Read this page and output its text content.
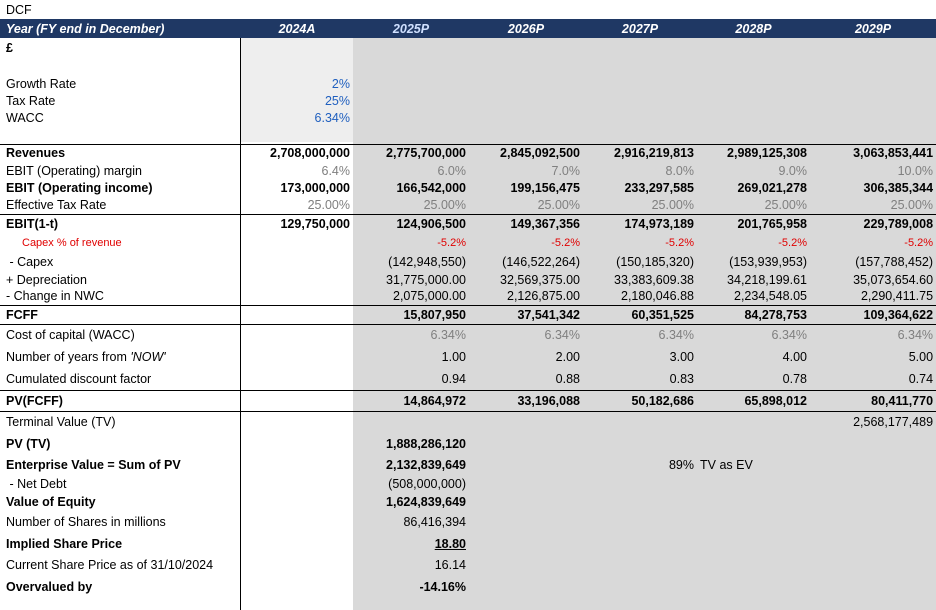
DCF						
Year (FY end in December)	2024A	2025P	2026P	2027P	2028P	2029P
£						

Growth Rate	2%					
Tax Rate	25%					
WACC	6.34%					

Revenues	2,708,000,000	2,775,700,000	2,845,092,500	2,916,219,813	2,989,125,308	3,063,853,441
EBIT (Operating) margin	6.4%	6.0%	7.0%	8.0%	9.0%	10.0%
EBIT (Operating income)	173,000,000	166,542,000	199,156,475	233,297,585	269,021,278	306,385,344
Effective Tax Rate	25.00%	25.00%	25.00%	25.00%	25.00%	25.00%
EBIT(1-t)	129,750,000	124,906,500	149,367,356	174,973,189	201,765,958	229,789,008
Capex % of revenue		-5.2%	-5.2%	-5.2%	-5.2%	-5.2%
- Capex		(142,948,550)	(146,522,264)	(150,185,320)	(153,939,953)	(157,788,452)
+ Depreciation		31,775,000.00	32,569,375.00	33,383,609.38	34,218,199.61	35,073,654.60
- Change in NWC		2,075,000.00	2,126,875.00	2,180,046.88	2,234,548.05	2,290,411.75
FCFF		15,807,950	37,541,342	60,351,525	84,278,753	109,364,622
Cost of capital (WACC)		6.34%	6.34%	6.34%	6.34%	6.34%
Number of years from 'NOW'		1.00	2.00	3.00	4.00	5.00
Cumulated discount factor		0.94	0.88	0.83	0.78	0.74
PV(FCFF)		14,864,972	33,196,088	50,182,686	65,898,012	80,411,770
Terminal Value (TV)						2,568,177,489
PV (TV)		1,888,286,120				
Enterprise Value = Sum of PV		2,132,839,649		89%	TV as EV	
- Net Debt		(508,000,000)				
Value of Equity		1,624,839,649				
Number of Shares in millions		86,416,394				
Implied Share Price		18.80				
Current Share Price as of 31/10/2024		16.14				
Overvalued by		-14.16%				
